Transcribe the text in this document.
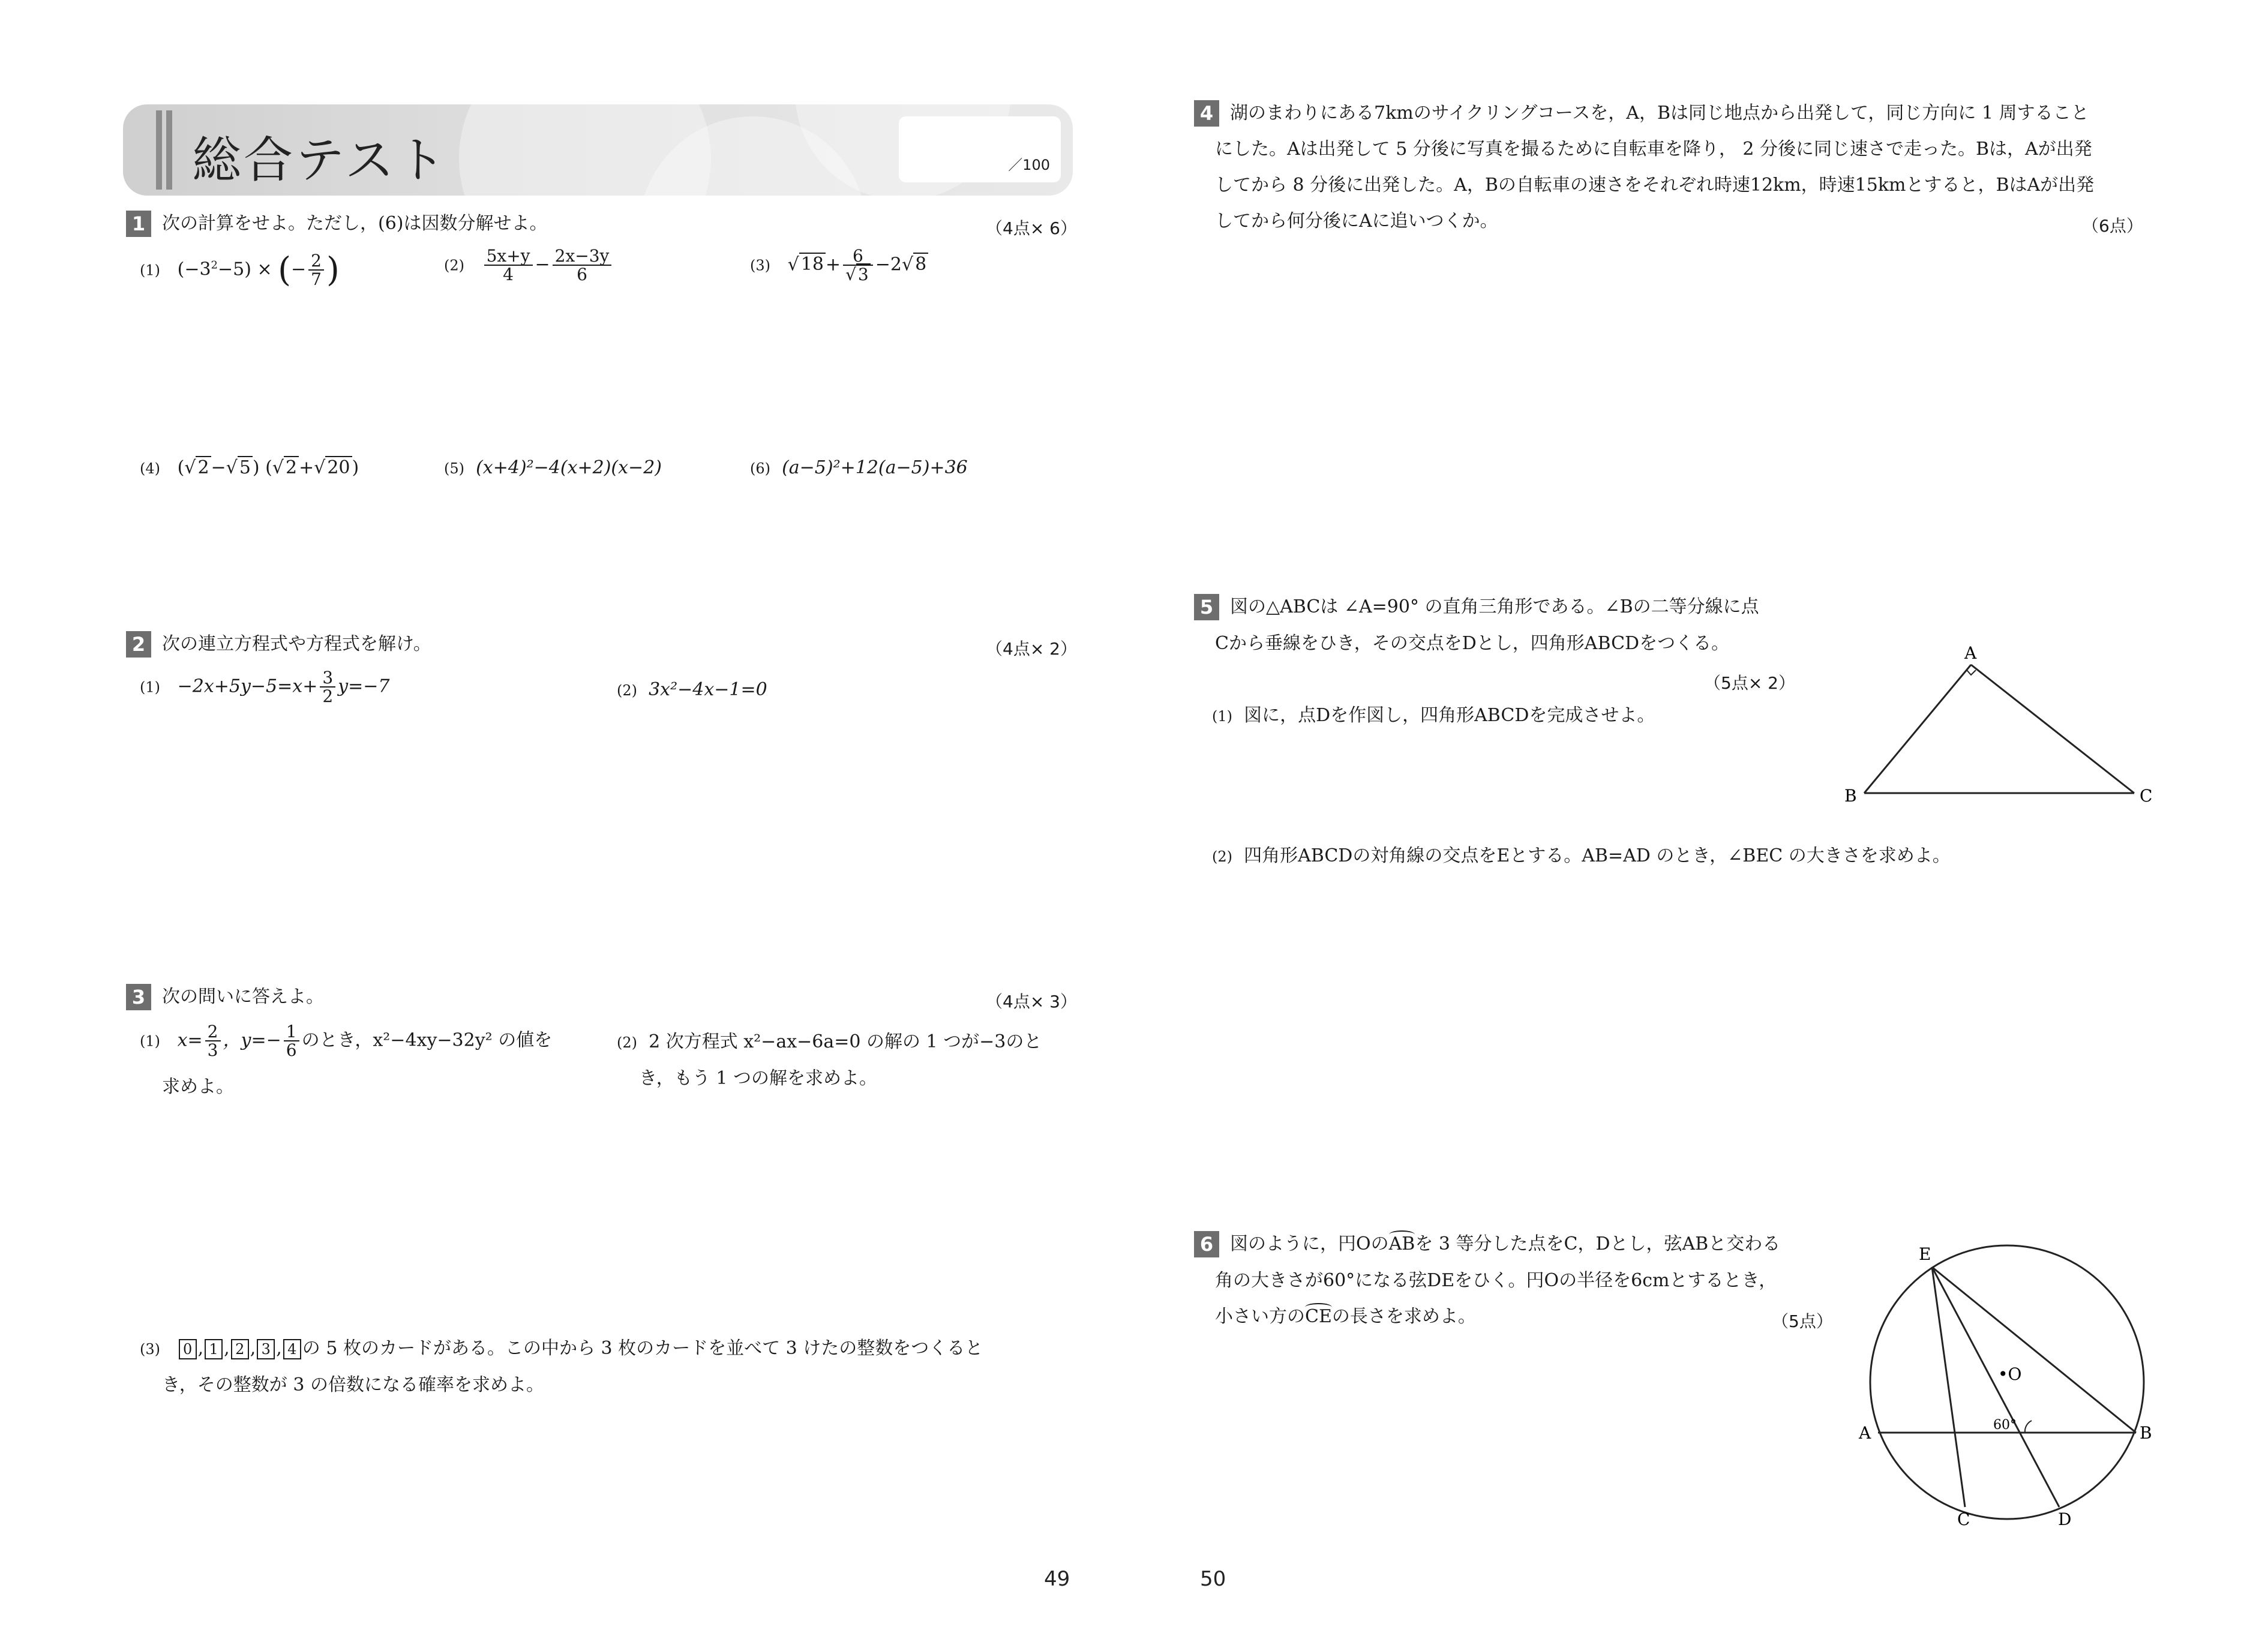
総合テスト	／100
1 次の計算をせよ。ただし，(6)は因数分解せよ。	（4点× 6）
(1) $(-3^2-5)$ × (− $\frac{2}{7}$ )	$(2) \frac{5x+y}{4} - \frac{2x-3y}{6}$	(3) √ $18 + \frac{6}{√ 3} -2√$ 8
(4) (√ 2 −√ 5 ) (√ 2 +√ 20 )	(5) (x+4)²−4(x+2)(x−2)	(6) (a−5)²+12(a−5)+36
2 次の連立方程式や方程式を解け。	（4点× 2）
$(1) -2x+5y-5=x+ \frac{3}{2} y=-7$	(2) 3x²−4x−1=0
3 次の問いに答えよ。	（4点× 3）
(1) $x= \frac{2}{3}$ ，$y=- \frac{1}{6}$ のとき，x²−4xy−32y² の値を
求めよ。
(2) 2 次方程式 x²−ax−6a=0 の解の 1 つが−3のと
き，もう 1 つの解を求めよ。
(3) 0 , 1 , 2 , 3 , 4 の 5 枚のカードがある。この中から 3 枚のカードを並べて 3 けたの整数をつくると
き，その整数が 3 の倍数になる確率を求めよ。
4 湖のまわりにある7kmのサイクリングコースを，A，Bは同じ地点から出発して，同じ方向に 1 周すること
にした。Aは出発して 5 分後に写真を撮るために自転車を降り， 2 分後に同じ速さで走った。Bは，Aが出発
してから 8 分後に出発した。A，Bの自転車の速さをそれぞれ時速12km，時速15kmとすると，BはAが出発
してから何分後にAに追いつくか。	（6点）
5 図の△ABCは ∠A=90° の直角三角形である。∠Bの二等分線に点
Cから垂線をひき，その交点をDとし，四角形ABCDをつくる。
（5点× 2）
(1) 図に，点Dを作図し，四角形ABCDを完成させよ。
(2) 四角形ABCDの対角線の交点をEとする。AB=AD のとき，∠BEC の大きさを求めよ。
A
B	C
6 図のように，円OのABを 3 等分した点をC，Dとし，弦ABと交わる
角の大きさが60°になる弦DEをひく。円Oの半径を6cmとするとき，
小さい方のCEの長さを求めよ。	（5点）
E
•O
60°
A	B
C	D
49	50
